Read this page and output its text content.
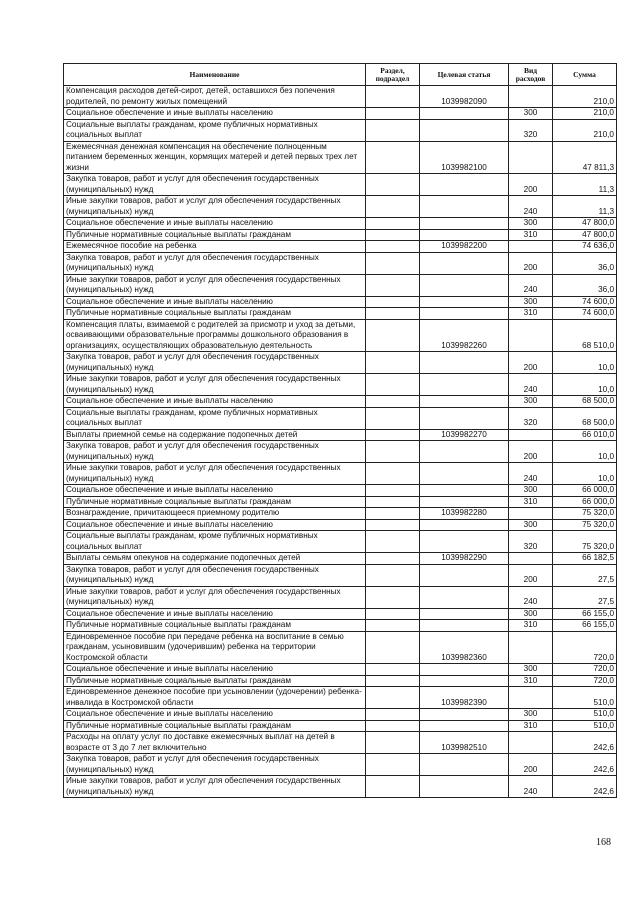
Наименование	Раздел, подраздел	Целевая статья	Вид расходов	Сумма
Компенсация расходов детей-сирот, детей, оставшихся без попечения родителей, по ремонту жилых помещений		1039982090		210,0
Социальное обеспечение и иные выплаты населению			300	210,0
Социальные выплаты гражданам, кроме публичных нормативных социальных выплат			320	210,0
Ежемесячная денежная компенсация на обеспечение полноценным питанием беременных женщин, кормящих матерей и детей первых трех лет жизни		1039982100		47 811,3
Закупка товаров, работ и услуг для обеспечения государственных (муниципальных) нужд			200	11,3
Иные закупки товаров, работ и услуг для обеспечения государственных (муниципальных) нужд			240	11,3
Социальное обеспечение и иные выплаты населению			300	47 800,0
Публичные нормативные социальные выплаты гражданам			310	47 800,0
Ежемесячное пособие на ребенка		1039982200		74 636,0
Закупка товаров, работ и услуг для обеспечения государственных (муниципальных) нужд			200	36,0
Иные закупки товаров, работ и услуг для обеспечения государственных (муниципальных) нужд			240	36,0
Социальное обеспечение и иные выплаты населению			300	74 600,0
Публичные нормативные социальные выплаты гражданам			310	74 600,0
Компенсация платы, взимаемой с родителей за присмотр и уход за детьми, осваивающими образовательные программы дошкольного образования в организациях, осуществляющих образовательную деятельность		1039982260		68 510,0
Закупка товаров, работ и услуг для обеспечения государственных (муниципальных) нужд			200	10,0
Иные закупки товаров, работ и услуг для обеспечения государственных (муниципальных) нужд			240	10,0
Социальное обеспечение и иные выплаты населению			300	68 500,0
Социальные выплаты гражданам, кроме публичных нормативных социальных выплат			320	68 500,0
Выплаты приемной семье на содержание подопечных детей		1039982270		66 010,0
Закупка товаров, работ и услуг для обеспечения государственных (муниципальных) нужд			200	10,0
Иные закупки товаров, работ и услуг для обеспечения государственных (муниципальных) нужд			240	10,0
Социальное обеспечение и иные выплаты населению			300	66 000,0
Публичные нормативные социальные выплаты гражданам			310	66 000,0
Вознаграждение, причитающееся приемному родителю		1039982280		75 320,0
Социальное обеспечение и иные выплаты населению			300	75 320,0
Социальные выплаты гражданам, кроме публичных нормативных социальных выплат			320	75 320,0
Выплаты семьям опекунов на содержание подопечных детей		1039982290		66 182,5
Закупка товаров, работ и услуг для обеспечения государственных (муниципальных) нужд			200	27,5
Иные закупки товаров, работ и услуг для обеспечения государственных (муниципальных) нужд			240	27,5
Социальное обеспечение и иные выплаты населению			300	66 155,0
Публичные нормативные социальные выплаты гражданам			310	66 155,0
Единовременное пособие при передаче ребенка на воспитание в семью гражданам, усыновившим (удочерившим) ребенка на территории Костромской области		1039982360		720,0
Социальное обеспечение и иные выплаты населению			300	720,0
Публичные нормативные социальные выплаты гражданам			310	720,0
Единовременное денежное пособие при усыновлении (удочерении) ребенка-инвалида в Костромской области		1039982390		510,0
Социальное обеспечение и иные выплаты населению			300	510,0
Публичные нормативные социальные выплаты гражданам			310	510,0
Расходы на оплату услуг по доставке ежемесячных выплат на детей в возрасте от 3 до 7 лет включительно		1039982510		242,6
Закупка товаров, работ и услуг для обеспечения государственных (муниципальных) нужд			200	242,6
Иные закупки товаров, работ и услуг для обеспечения государственных (муниципальных) нужд			240	242,6
168
